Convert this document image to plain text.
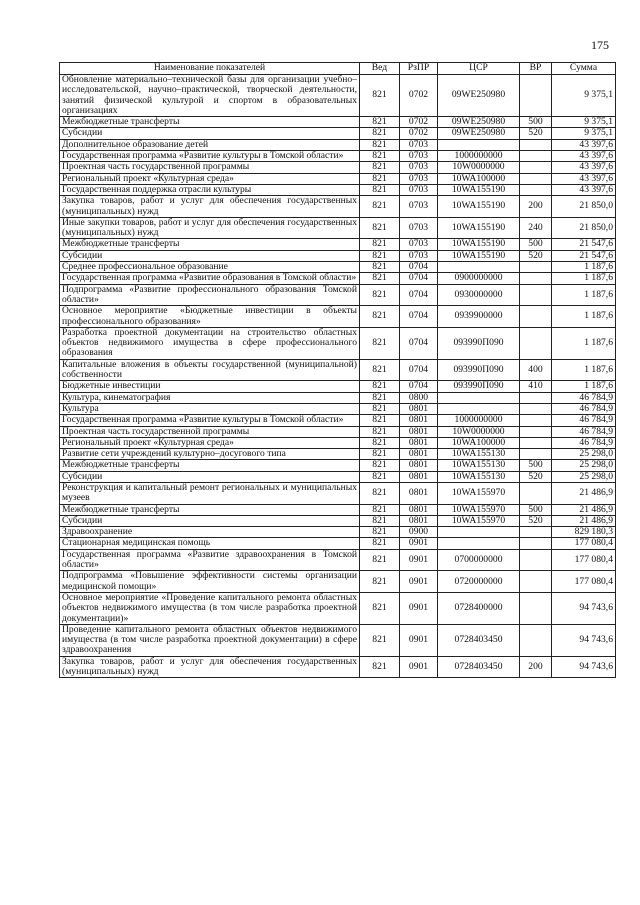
175
Наименование показателей	Вед	РзПР	ЦСР	ВР	Сумма
Обновление материально–технической базы для организации учебно–исследовательской, научно–практической, творческой деятельности, занятий физической культурой и спортом в образовательных организациях	821	0702	09WE250980		9 375,1
Межбюджетные трансферты	821	0702	09WE250980	500	9 375,1
Субсидии	821	0702	09WE250980	520	9 375,1
Дополнительное образование детей	821	0703			43 397,6
Государственная программа «Развитие культуры в Томской области»	821	0703	1000000000		43 397,6
Проектная часть государственной программы	821	0703	10W0000000		43 397,6
Региональный проект «Культурная среда»	821	0703	10WA100000		43 397,6
Государственная поддержка отрасли культуры	821	0703	10WA155190		43 397,6
Закупка товаров, работ и услуг для обеспечения государственных (муниципальных) нужд	821	0703	10WA155190	200	21 850,0
Иные закупки товаров, работ и услуг для обеспечения государственных (муниципальных) нужд	821	0703	10WA155190	240	21 850,0
Межбюджетные трансферты	821	0703	10WA155190	500	21 547,6
Субсидии	821	0703	10WA155190	520	21 547,6
Среднее профессиональное образование	821	0704			1 187,6
Государственная программа «Развитие образования в Томской области»	821	0704	0900000000		1 187,6
Подпрограмма «Развитие профессионального образования Томской области»	821	0704	0930000000		1 187,6
Основное мероприятие «Бюджетные инвестиции в объекты профессионального образования»	821	0704	0939900000		1 187,6
Разработка проектной документации на строительство областных объектов недвижимого имущества в сфере профессионального образования	821	0704	093990П090		1 187,6
Капитальные вложения в объекты государственной (муниципальной) собственности	821	0704	093990П090	400	1 187,6
Бюджетные инвестиции	821	0704	093990П090	410	1 187,6
Культура, кинематография	821	0800			46 784,9
Культура	821	0801			46 784,9
Государственная программа «Развитие культуры в Томской области»	821	0801	1000000000		46 784,9
Проектная часть государственной программы	821	0801	10W0000000		46 784,9
Региональный проект «Культурная среда»	821	0801	10WA100000		46 784,9
Развитие сети учреждений культурно–досугового типа	821	0801	10WA155130		25 298,0
Межбюджетные трансферты	821	0801	10WA155130	500	25 298,0
Субсидии	821	0801	10WA155130	520	25 298,0
Реконструкция и капитальный ремонт региональных и муниципальных музеев	821	0801	10WA155970		21 486,9
Межбюджетные трансферты	821	0801	10WA155970	500	21 486,9
Субсидии	821	0801	10WA155970	520	21 486,9
Здравоохранение	821	0900			829 180,3
Стационарная медицинская помощь	821	0901			177 080,4
Государственная программа «Развитие здравоохранения в Томской области»	821	0901	0700000000		177 080,4
Подпрограмма «Повышение эффективности системы организации медицинской помощи»	821	0901	0720000000		177 080,4
Основное мероприятие «Проведение капитального ремонта областных объектов недвижимого имущества (в том числе разработка проектной документации)»	821	0901	0728400000		94 743,6
Проведение капитального ремонта областных объектов недвижимого имущества (в том числе разработка проектной документации) в сфере здравоохранения	821	0901	0728403450		94 743,6
Закупка товаров, работ и услуг для обеспечения государственных (муниципальных) нужд	821	0901	0728403450	200	94 743,6
